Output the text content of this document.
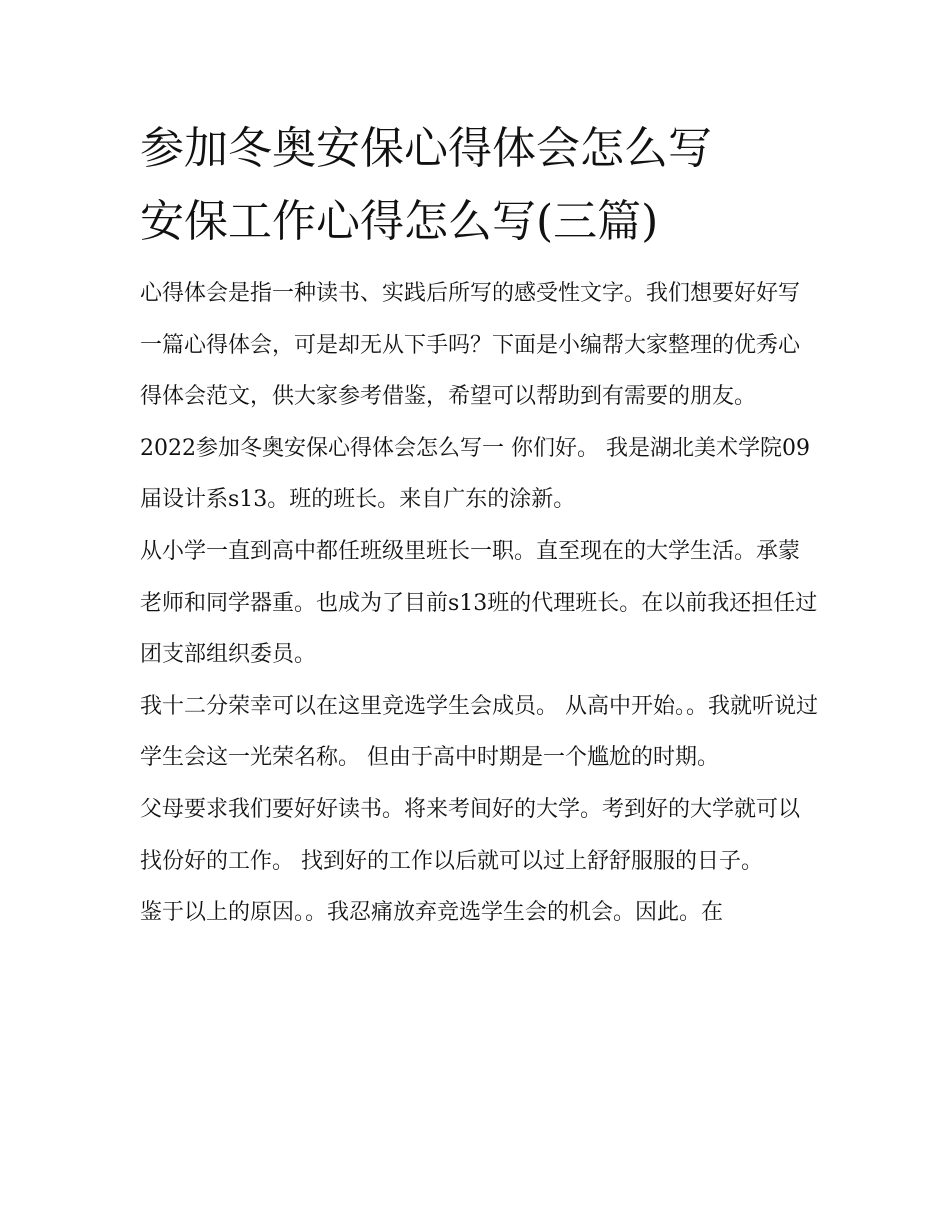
参加冬奥安保心得体会怎么写
安保工作心得怎么写(三篇)

心得体会是指一种读书、实践后所写的感受性文字。我们想要好好写一篇心得体会，可是却无从下手吗？下面是小编帮大家整理的优秀心得体会范文，供大家参考借鉴，希望可以帮助到有需要的朋友。

2022参加冬奥安保心得体会怎么写一 你们好。 我是湖北美术学院09届设计系s13。班的班长。来自广东的涂新。

从小学一直到高中都任班级里班长一职。直至现在的大学生活。承蒙老师和同学器重。也成为了目前s13班的代理班长。在以前我还担任过团支部组织委员。

我十二分荣幸可以在这里竞选学生会成员。 从高中开始。。我就听说过学生会这一光荣名称。 但由于高中时期是一个尴尬的时期。

父母要求我们要好好读书。将来考间好的大学。考到好的大学就可以找份好的工作。 找到好的工作以后就可以过上舒舒服服的日子。

鉴于以上的原因。。我忍痛放弃竞选学生会的机会。因此。在
